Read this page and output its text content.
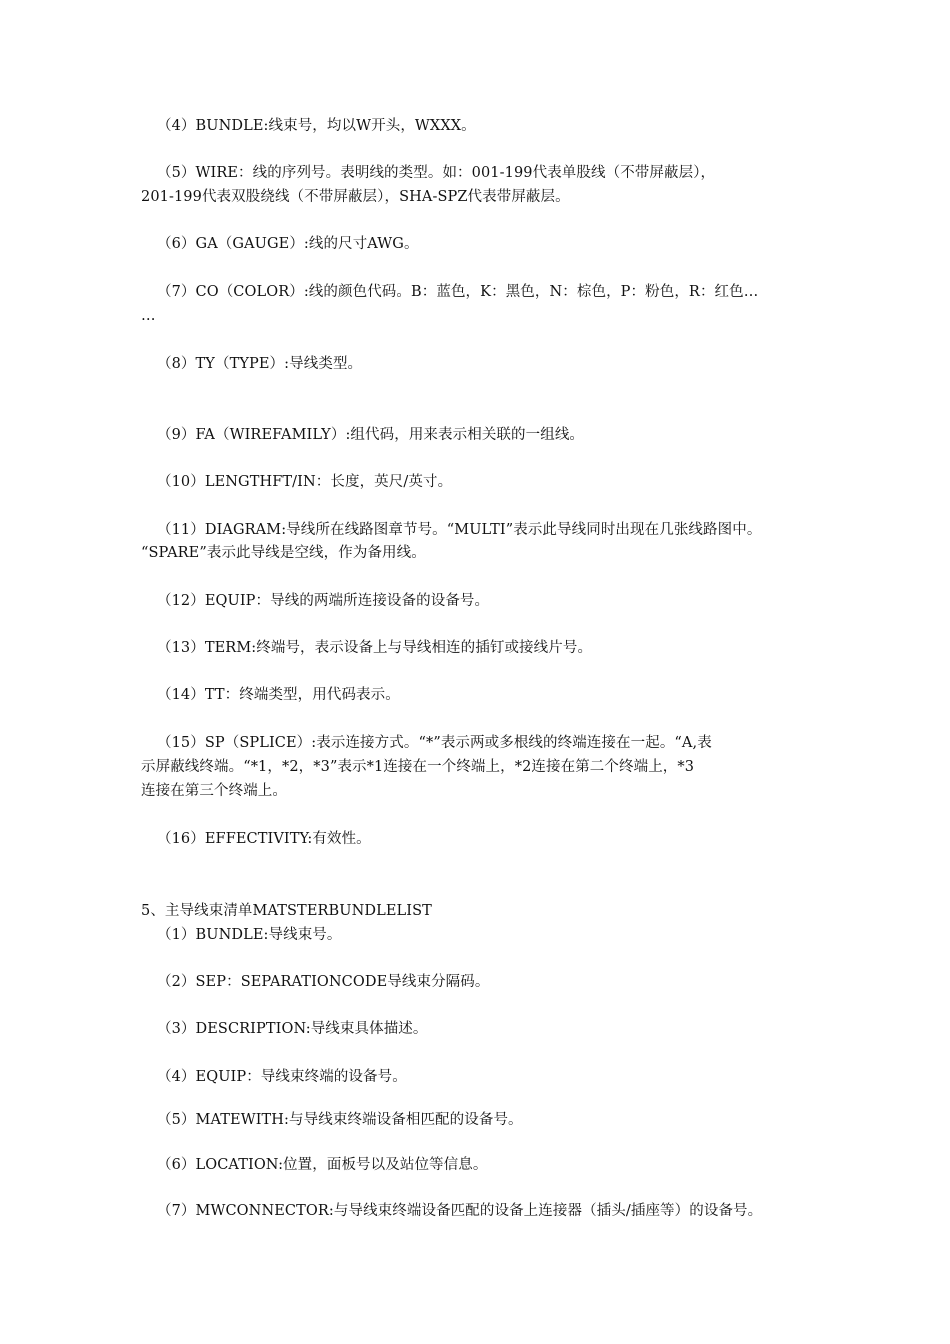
（4）BUNDLE:线束号，均以W开头，WXXX。
（5）WIRE：线的序列号。表明线的类型。如：001-199代表单股线（不带屏蔽层），
201-199代表双股绕线（不带屏蔽层），SHA-SPZ代表带屏蔽层。
（6）GA（GAUGE）:线的尺寸AWG。
（7）CO（COLOR）:线的颜色代码。B：蓝色，K：黑色，N：棕色，P：粉色，R：红色…
…
（8）TY（TYPE）:导线类型。
（9）FA（WIREFAMILY）:组代码，用来表示相关联的一组线。
（10）LENGTHFT/IN：长度，英尺/英寸。
（11）DIAGRAM:导线所在线路图章节号。“MULTI”表示此导线同时出现在几张线路图中。
“SPARE”表示此导线是空线，作为备用线。
（12）EQUIP：导线的两端所连接设备的设备号。
（13）TERM:终端号，表示设备上与导线相连的插钉或接线片号。
（14）TT：终端类型，用代码表示。
（15）SP（SPLICE）:表示连接方式。“*”表示两或多根线的终端连接在一起。“A,表
示屏蔽线终端。“*1，*2，*3”表示*1连接在一个终端上，*2连接在第二个终端上，*3
连接在第三个终端上。
（16）EFFECTIVITY:有效性。
5、主导线束清单MATSTERBUNDLELIST
（1）BUNDLE:导线束号。
（2）SEP：SEPARATIONCODE导线束分隔码。
（3）DESCRIPTION:导线束具体描述。
（4）EQUIP：导线束终端的设备号。
（5）MATEWITH:与导线束终端设备相匹配的设备号。
（6）LOCATION:位置，面板号以及站位等信息。
（7）MWCONNECTOR:与导线束终端设备匹配的设备上连接器（插头/插座等）的设备号。
